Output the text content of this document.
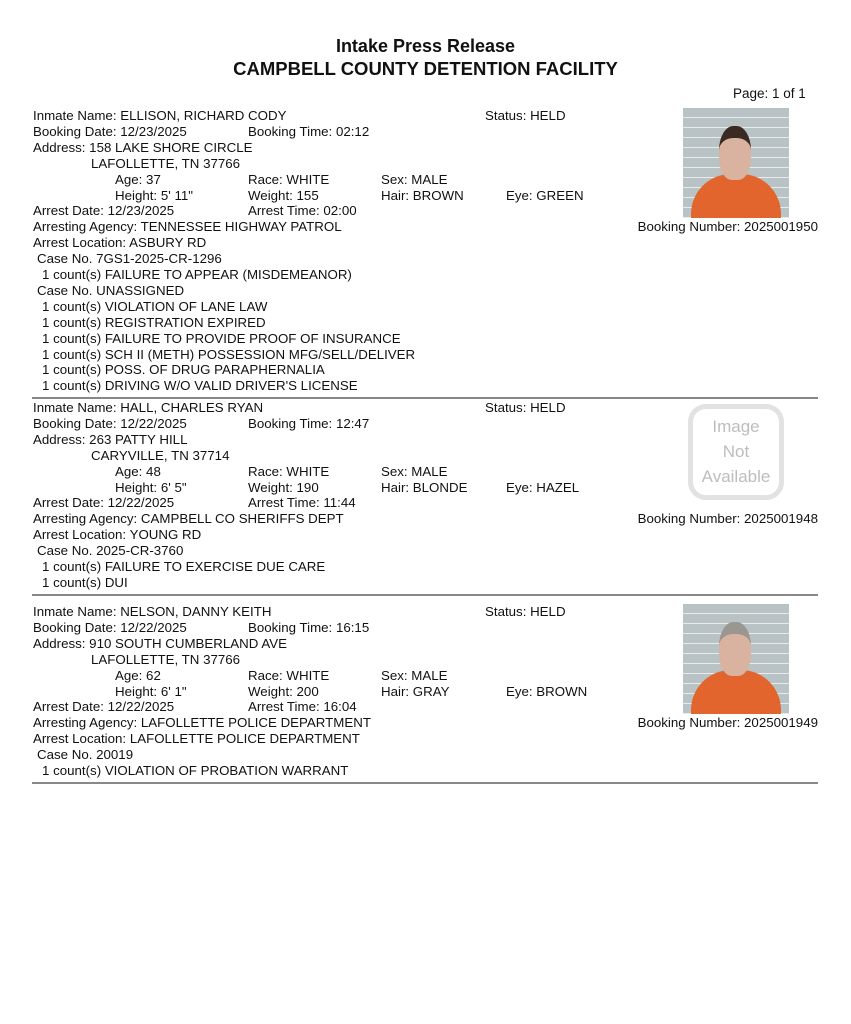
Intake Press Release
CAMPBELL COUNTY DETENTION FACILITY
Page: 1 of 1
Inmate Name: ELLISON, RICHARD CODY	Status: HELD
Booking Date: 12/23/2025	Booking Time: 02:12
Address: 158 LAKE SHORE CIRCLE
LAFOLLETTE, TN 37766
Age: 37	Race: WHITE	Sex: MALE
Height: 5' 11"	Weight: 155	Hair: BROWN	Eye: GREEN
Arrest Date: 12/23/2025	Arrest Time: 02:00
Arresting Agency: TENNESSEE HIGHWAY PATROL	Booking Number: 2025001950
Arrest Location: ASBURY RD
Case No. 7GS1-2025-CR-1296
1 count(s) FAILURE TO APPEAR (MISDEMEANOR)
Case No. UNASSIGNED
1 count(s) VIOLATION OF LANE LAW
1 count(s) REGISTRATION EXPIRED
1 count(s) FAILURE TO PROVIDE PROOF OF INSURANCE
1 count(s) SCH II (METH) POSSESSION MFG/SELL/DELIVER
1 count(s) POSS. OF DRUG PARAPHERNALIA
1 count(s) DRIVING W/O VALID DRIVER'S LICENSE
Inmate Name: HALL, CHARLES RYAN	Status: HELD
Booking Date: 12/22/2025	Booking Time: 12:47
Address: 263 PATTY HILL
CARYVILLE, TN 37714
Age: 48	Race: WHITE	Sex: MALE
Height: 6' 5"	Weight: 190	Hair: BLONDE	Eye: HAZEL
Arrest Date: 12/22/2025	Arrest Time: 11:44
Arresting Agency: CAMPBELL CO SHERIFFS DEPT	Booking Number: 2025001948
Arrest Location: YOUNG RD
Case No. 2025-CR-3760
1 count(s) FAILURE TO EXERCISE DUE CARE
1 count(s) DUI
Image
Not
Available
Inmate Name: NELSON, DANNY KEITH	Status: HELD
Booking Date: 12/22/2025	Booking Time: 16:15
Address: 910 SOUTH CUMBERLAND AVE
LAFOLLETTE, TN 37766
Age: 62	Race: WHITE	Sex: MALE
Height: 6' 1"	Weight: 200	Hair: GRAY	Eye: BROWN
Arrest Date: 12/22/2025	Arrest Time: 16:04
Arresting Agency: LAFOLLETTE POLICE DEPARTMENT	Booking Number: 2025001949
Arrest Location: LAFOLLETTE POLICE DEPARTMENT
Case No. 20019
1 count(s) VIOLATION OF PROBATION WARRANT
